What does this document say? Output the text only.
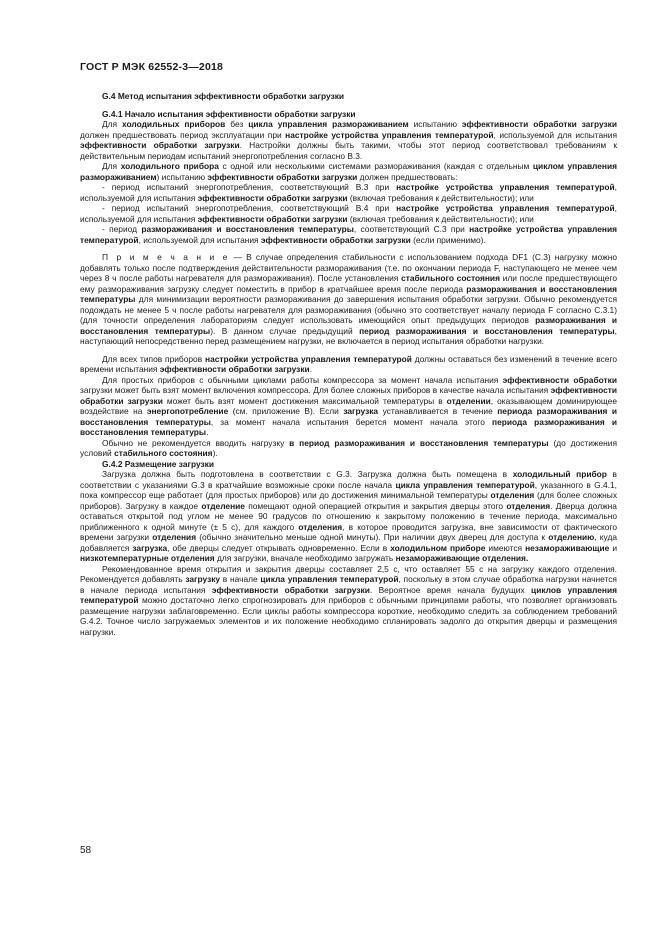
ГОСТ Р МЭК 62552-3—2018

G.4 Метод испытания эффективности обработки загрузки

G.4.1 Начало испытания эффективности обработки загрузки

Для холодильных приборов без цикла управления размораживанием испытанию эффективности обработки загрузки должен предшествовать период эксплуатации при настройке устройства управления температурой, используемой для испытания эффективности обработки загрузки. Настройки должны быть такими, чтобы этот период соответствовал требованиям к действительным периодам испытаний энергопотребления согласно В.3.

Для холодильного прибора с одной или несколькими системами размораживания (каждая с отдельным циклом управления размораживанием) испытанию эффективности обработки загрузки должен предшествовать:

- период испытаний энергопотребления, соответствующий В.3 при настройке устройства управления температурой, используемой для испытания эффективности обработки загрузки (включая требования к действительности); или

- период испытаний энергопотребления, соответствующий В.4 при настройке устройства управления температурой, используемой для испытания эффективности обработки загрузки (включая требования к действительности); или

- период размораживания и восстановления температуры, соответствующий С.3 при настройке устройства управления температурой, используемой для испытания эффективности обработки загрузки (если применимо).

П р и м е ч а н и е — В случае определения стабильности с использованием подхода DF1 (С.3) нагрузку можно добавлять только после подтверждения действительности размораживания (т.е. по окончании периода F, наступающего не менее чем через 8 ч после работы нагревателя для размораживания). После установления стабильного состояния или после предшествующего ему размораживания загрузку следует поместить в прибор в кратчайшее время после периода размораживания и восстановления температуры для минимизации вероятности размораживания до завершения испытания обработки загрузки. Обычно рекомендуется подождать не менее 5 ч после работы нагревателя для размораживания (обычно это соответствует началу периода F согласно С.3.1) (для точности определения лабораториям следует использовать имеющийся опыт предыдущих периодов размораживания и восстановления температуры). В данном случае предыдущий период размораживания и восстановления температуры, наступающий непосредственно перед размещением нагрузки, не включается в период испытания обработки нагрузки.

Для всех типов приборов настройки устройства управления температурой должны оставаться без изменений в течение всего времени испытания эффективности обработки загрузки.

Для простых приборов с обычными циклами работы компрессора за момент начала испытания эффективности обработки загрузки может быть взят момент включения компрессора. Для более сложных приборов в качестве начала испытания эффективности обработки загрузки может быть взят момент достижения максимальной температуры в отделении, оказывающем доминирующее воздействие на энергопотребление (см. приложение В). Если загрузка устанавливается в течение периода размораживания и восстановления температуры, за момент начала испытания берется момент начала этого периода размораживания и восстановления температуры.

Обычно не рекомендуется вводить нагрузку в период размораживания и восстановления температуры (до достижения условий стабильного состояния).

G.4.2 Размещение загрузки

Загрузка должна быть подготовлена в соответствии с G.3. Загрузка должна быть помещена в холодильный прибор в соответствии с указаниями G.3 в кратчайшие возможные сроки после начала цикла управления температурой, указанного в G.4.1, пока компрессор еще работает (для простых приборов) или до достижения минимальной температуры отделения (для более сложных приборов). Загрузку в каждое отделение помещают одной операцией открытия и закрытия дверцы этого отделения. Дверца должна оставаться открытой под углом не менее 90 градусов по отношению к закрытому положению в течение периода, максимально приближенного к одной минуте (± 5 с), для каждого отделения, в которое проводится загрузка, вне зависимости от фактического времени загрузки отделения (обычно значительно меньше одной минуты). При наличии двух дверец для доступа к отделению, куда добавляется загрузка, обе дверцы следует открывать одновременно. Если в холодильном приборе имеются незамораживающие и низкотемпературные отделения для загрузки, вначале необходимо загружать незамораживающие отделения.

Рекомендованное время открытия и закрытия дверцы составляет 2,5 с, что оставляет 55 с на загрузку каждого отделения. Рекомендуется добавлять загрузку в начале цикла управления температурой, поскольку в этом случае обработка нагрузки начнется в начале периода испытания эффективности обработки загрузки. Вероятное время начала будущих циклов управления температурой можно достаточно легко спрогнозировать для приборов с обычными принципами работы, что позволяет организовать размещение нагрузки заблаговременно. Если циклы работы компрессора короткие, необходимо следить за соблюдением требований G.4.2. Точное число загружаемых элементов и их положение необходимо спланировать задолго до открытия дверцы и размещения нагрузки.

58
